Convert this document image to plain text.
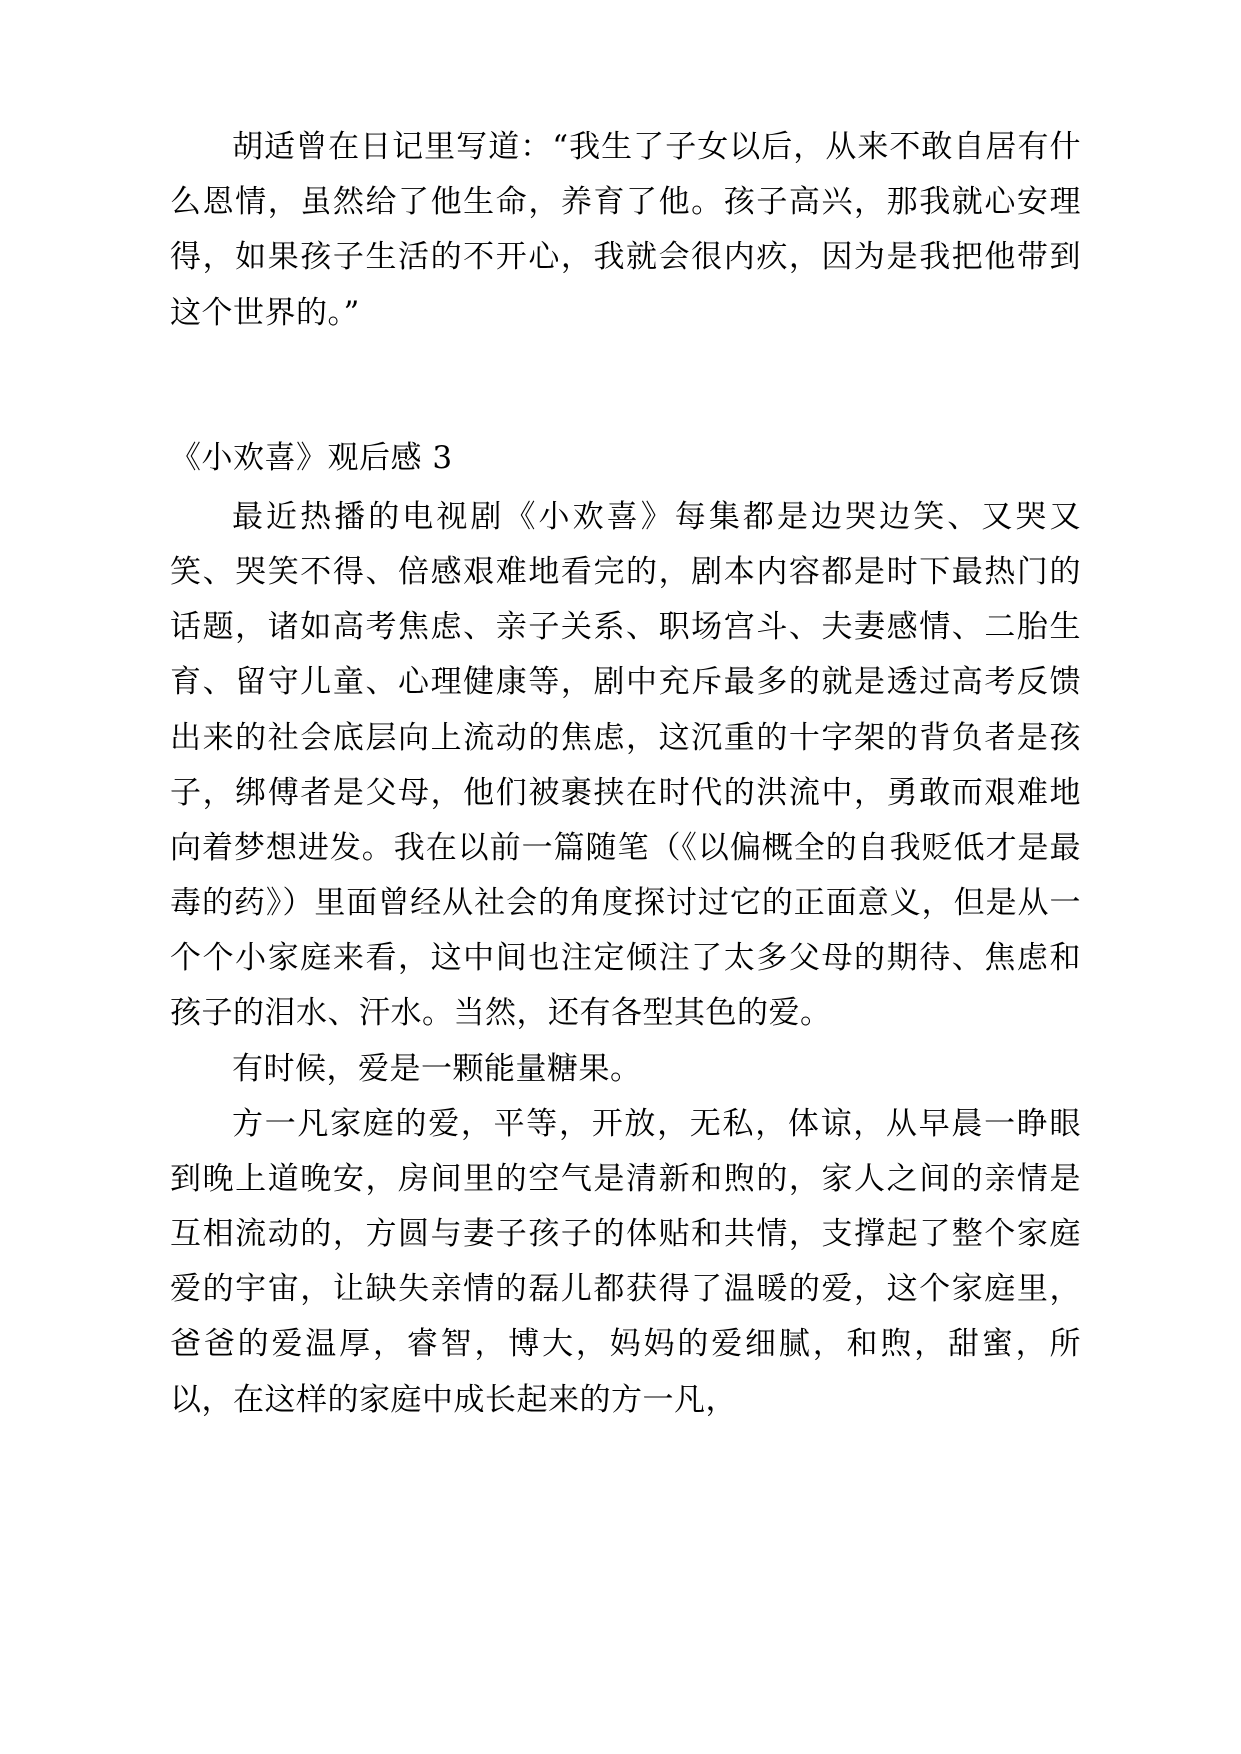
胡适曾在日记里写道：“我生了子女以后，从来不敢自居有什么恩情，虽然给了他生命，养育了他。孩子高兴，那我就心安理得，如果孩子生活的不开心，我就会很内疚，因为是我把他带到这个世界的。”

《小欢喜》观后感 3

最近热播的电视剧《小欢喜》每集都是边哭边笑、又哭又笑、哭笑不得、倍感艰难地看完的，剧本内容都是时下最热门的话题，诸如高考焦虑、亲子关系、职场宫斗、夫妻感情、二胎生育、留守儿童、心理健康等，剧中充斥最多的就是透过高考反馈出来的社会底层向上流动的焦虑，这沉重的十字架的背负者是孩子，绑傅者是父母，他们被裹挟在时代的洪流中，勇敢而艰难地向着梦想进发。我在以前一篇随笔（《以偏概全的自我贬低才是最毒的药》）里面曾经从社会的角度探讨过它的正面意义，但是从一个个小家庭来看，这中间也注定倾注了太多父母的期待、焦虑和孩子的泪水、汗水。当然，还有各型其色的爱。

有时候，爱是一颗能量糖果。

方一凡家庭的爱，平等，开放，无私，体谅，从早晨一睁眼到晚上道晚安，房间里的空气是清新和煦的，家人之间的亲情是互相流动的，方圆与妻子孩子的体贴和共情，支撑起了整个家庭爱的宇宙，让缺失亲情的磊儿都获得了温暖的爱，这个家庭里，爸爸的爱温厚，睿智，博大，妈妈的爱细腻，和煦，甜蜜，所以，在这样的家庭中成长起来的方一凡，
